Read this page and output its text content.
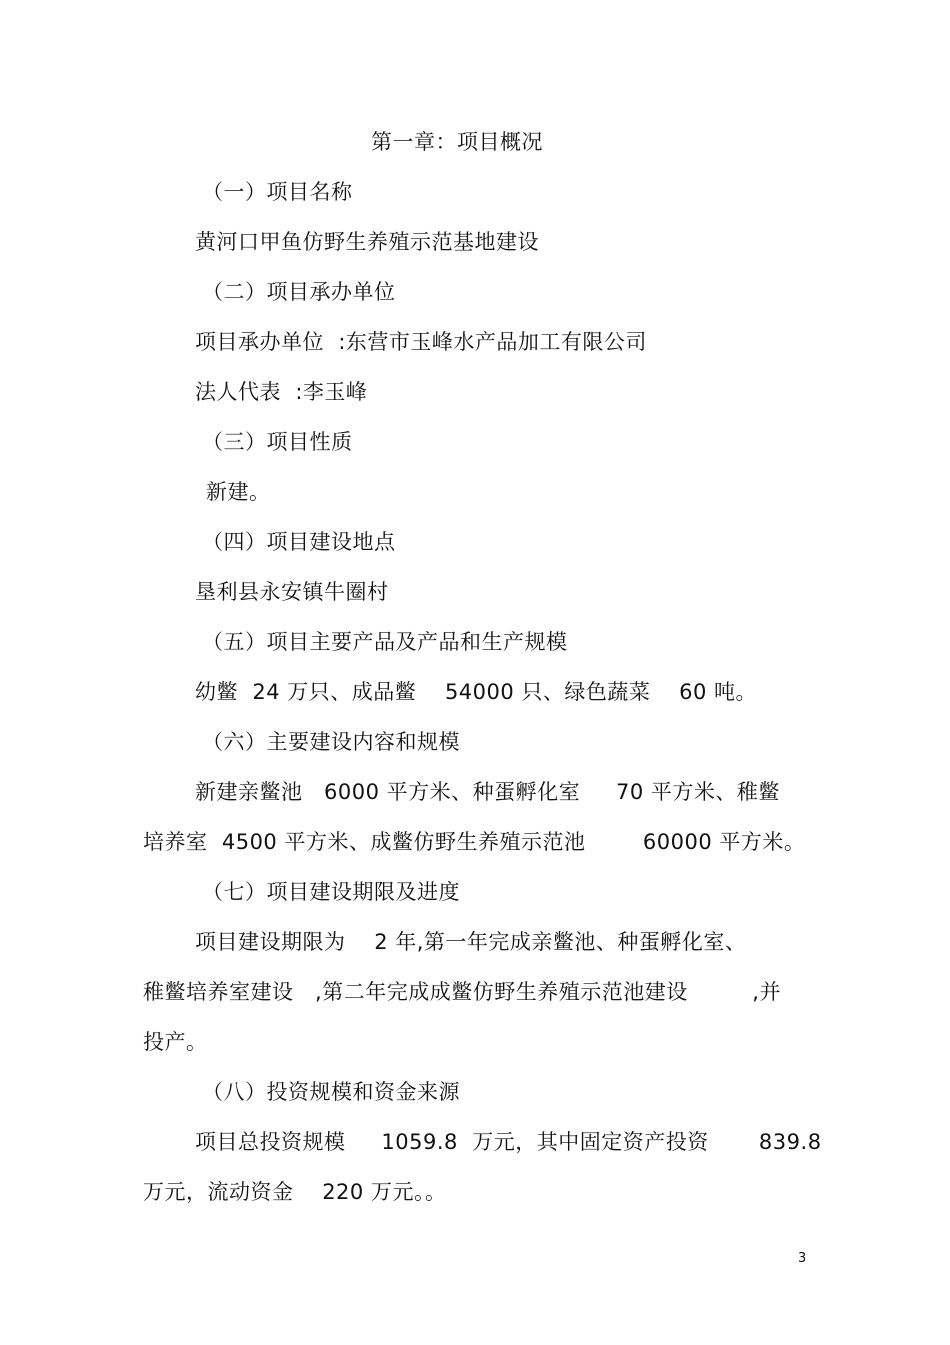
第一章：项目概况
（一）项目名称
黄河口甲鱼仿野生养殖示范基地建设
（二）项目承办单位
项目承办单位  :东营市玉峰水产品加工有限公司
法人代表  :李玉峰
（三）项目性质
新建。
（四）项目建设地点
垦利县永安镇牛圈村
（五）项目主要产品及产品和生产规模
幼鳖  24 万只、成品鳖    54000 只、绿色蔬菜    60 吨。
（六）主要建设内容和规模
新建亲鳖池   6000 平方米、种蛋孵化室     70 平方米、稚鳖
培养室  4500 平方米、成鳖仿野生养殖示范池        60000 平方米。
（七）项目建设期限及进度
项目建设期限为    2 年,第一年完成亲鳖池、种蛋孵化室、
稚鳖培养室建设   ,第二年完成成鳖仿野生养殖示范池建设         ,并
投产。
（八）投资规模和资金来源
项目总投资规模     1059.8  万元，其中固定资产投资       839.8
万元，流动资金    220 万元。。
3
